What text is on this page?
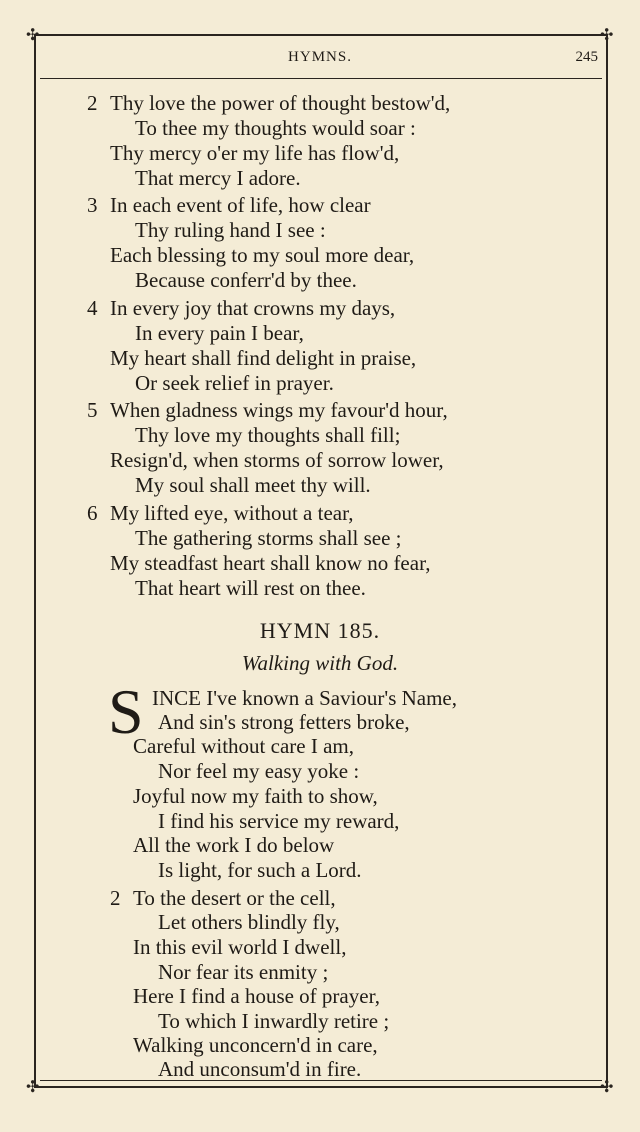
✣	✣
✣	✣
HYMNS.	245
2 Thy love the power of thought bestow'd,
To thee my thoughts would soar :
Thy mercy o'er my life has flow'd,
That mercy I adore.
3 In each event of life, how clear
Thy ruling hand I see :
Each blessing to my soul more dear,
Because conferr'd by thee.
4 In every joy that crowns my days,
In every pain I bear,
My heart shall find delight in praise,
Or seek relief in prayer.
5 When gladness wings my favour'd hour,
Thy love my thoughts shall fill;
Resign'd, when storms of sorrow lower,
My soul shall meet thy will.
6 My lifted eye, without a tear,
The gathering storms shall see ;
My steadfast heart shall know no fear,
That heart will rest on thee.
HYMN 185.
Walking with God.
S INCE I've known a Saviour's Name,
And sin's strong fetters broke,
Careful without care I am,
Nor feel my easy yoke :
Joyful now my faith to show,
I find his service my reward,
All the work I do below
Is light, for such a Lord.
2 To the desert or the cell,
Let others blindly fly,
In this evil world I dwell,
Nor fear its enmity ;
Here I find a house of prayer,
To which I inwardly retire ;
Walking unconcern'd in care,
And unconsum'd in fire.
